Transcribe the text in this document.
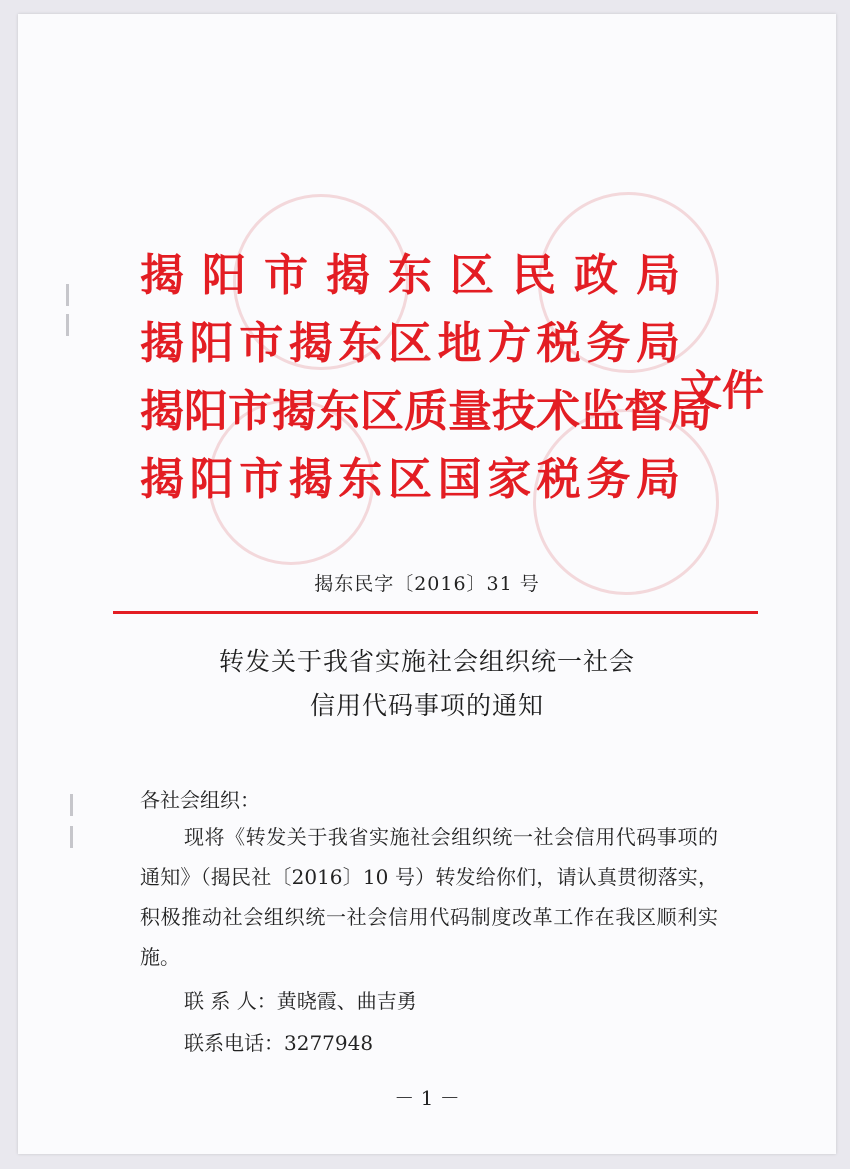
揭阳市揭东区民政局
揭阳市揭东区地方税务局
揭阳市揭东区质量技术监督局
揭阳市揭东区国家税务局
文件
揭东民字〔2016〕31 号
转发关于我省实施社会组织统一社会
信用代码事项的通知
各社会组织：
现将《转发关于我省实施社会组织统一社会信用代码事项的通知》（揭民社〔2016〕10 号）转发给你们，请认真贯彻落实，积极推动社会组织统一社会信用代码制度改革工作在我区顺利实施。
联 系 人：黄晓霞、曲吉勇
联系电话：3277948
－ 1 －
